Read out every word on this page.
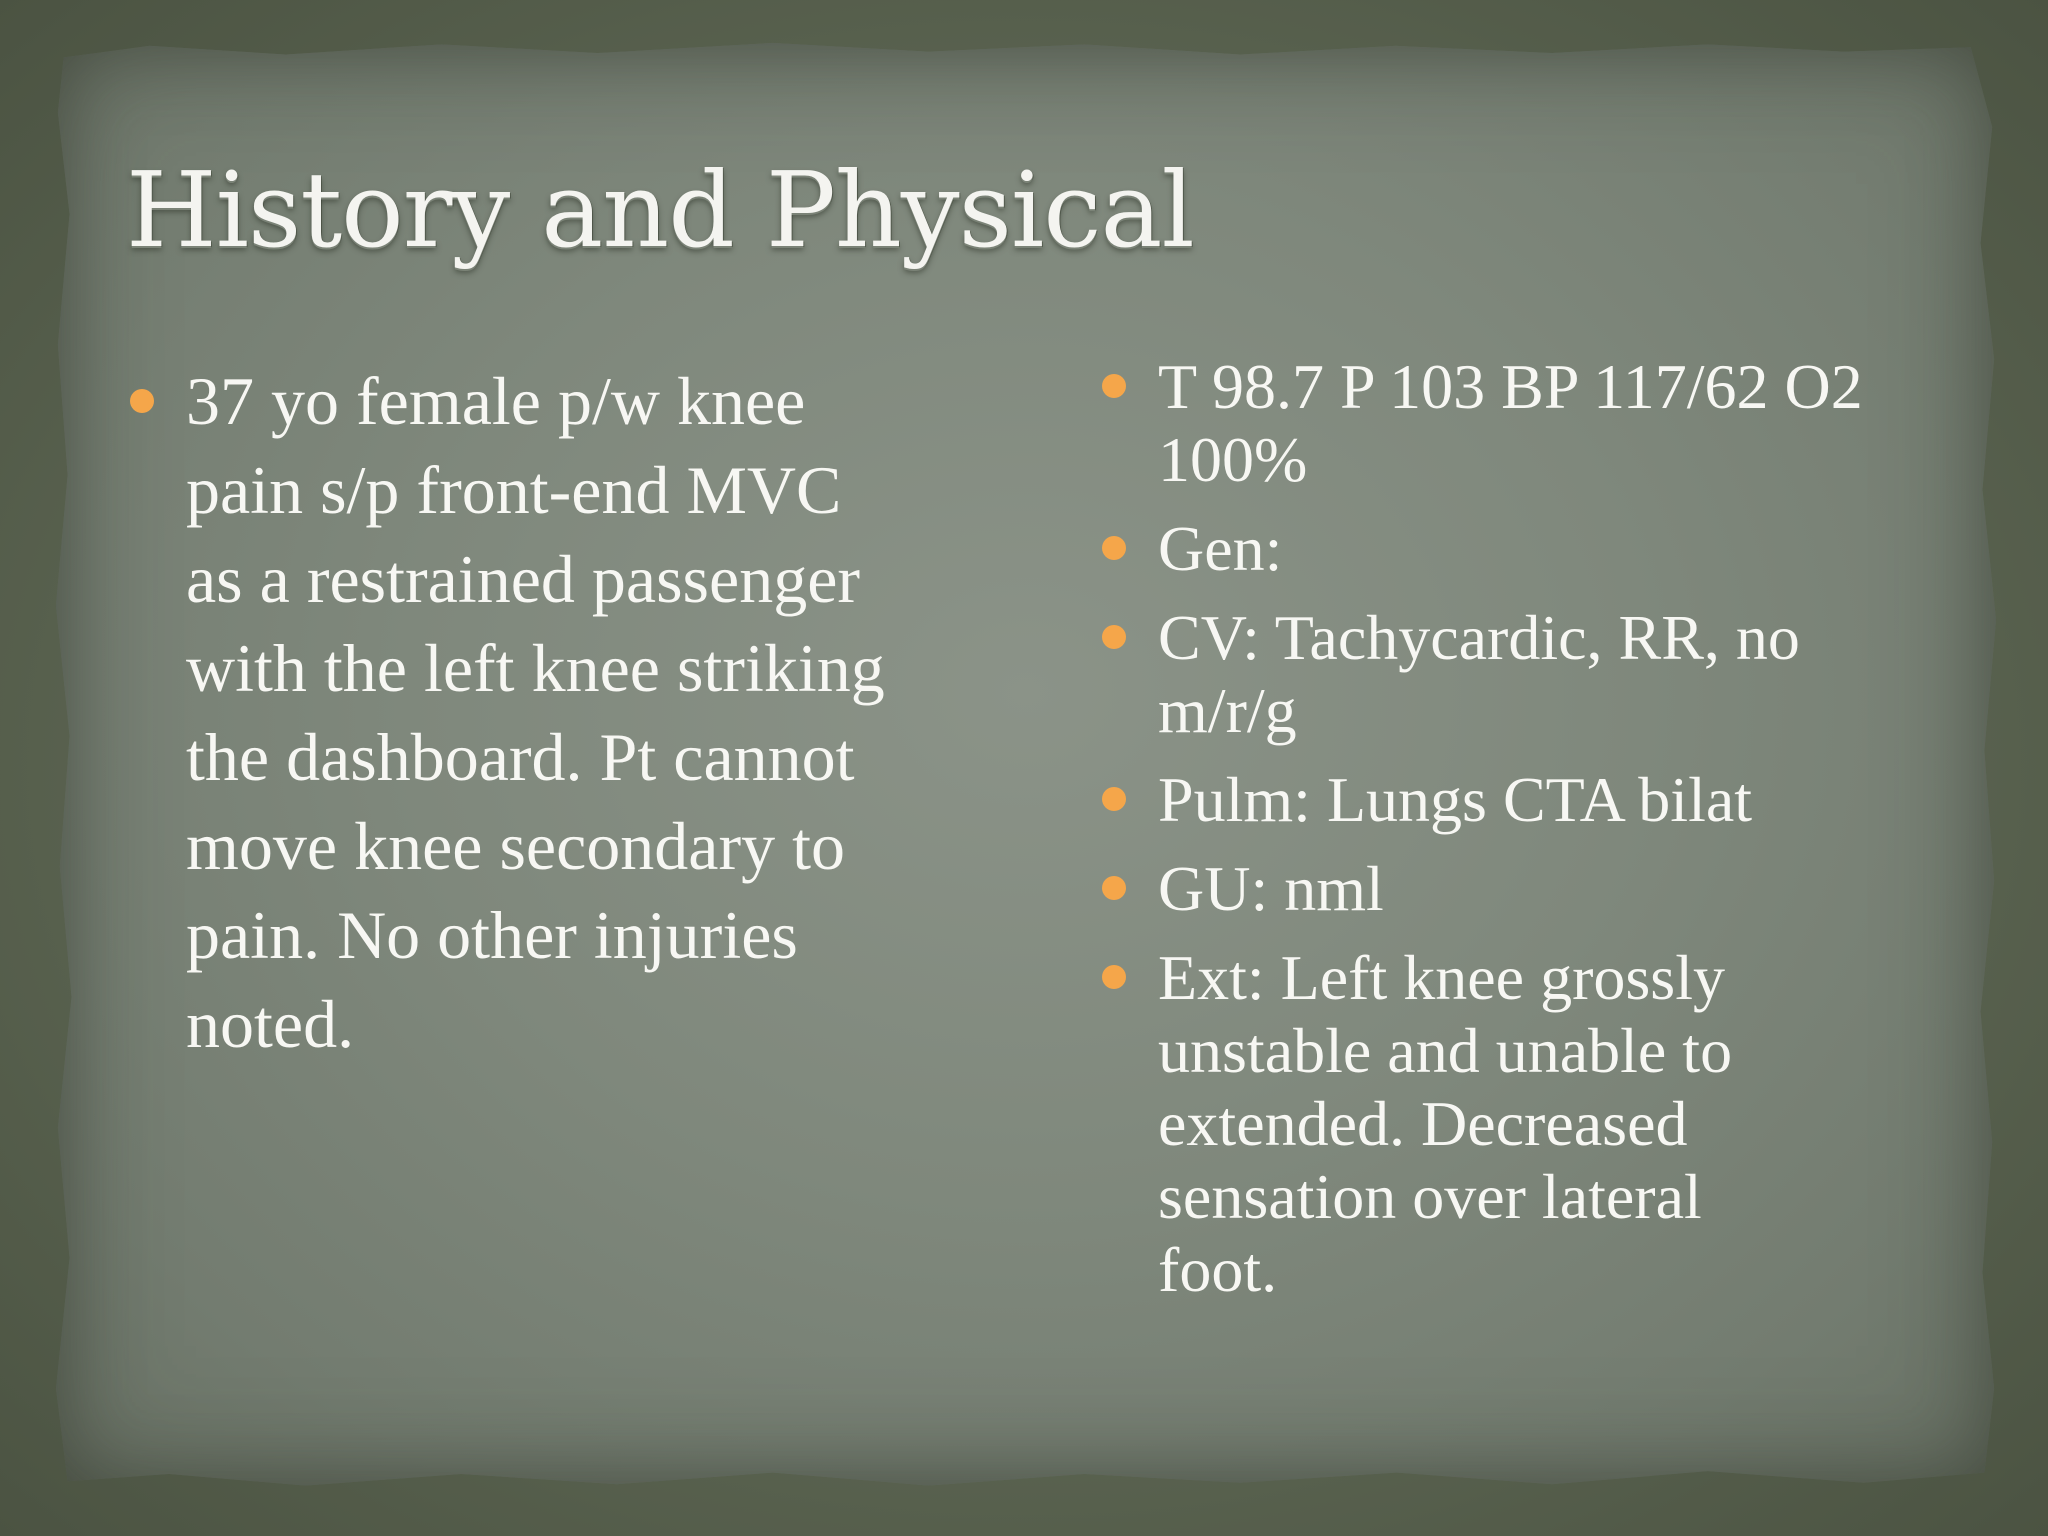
History and Physical
37 yo female p/w knee
pain s/p front-end MVC
as a restrained passenger
with the left knee striking
the dashboard. Pt cannot
move knee secondary to
pain. No other injuries
noted.
T 98.7 P 103 BP 117/62 O2
100%
Gen:
CV: Tachycardic, RR, no
m/r/g
Pulm: Lungs CTA bilat
GU: nml
Ext: Left knee grossly
unstable and unable to
extended. Decreased
sensation over lateral
foot.
